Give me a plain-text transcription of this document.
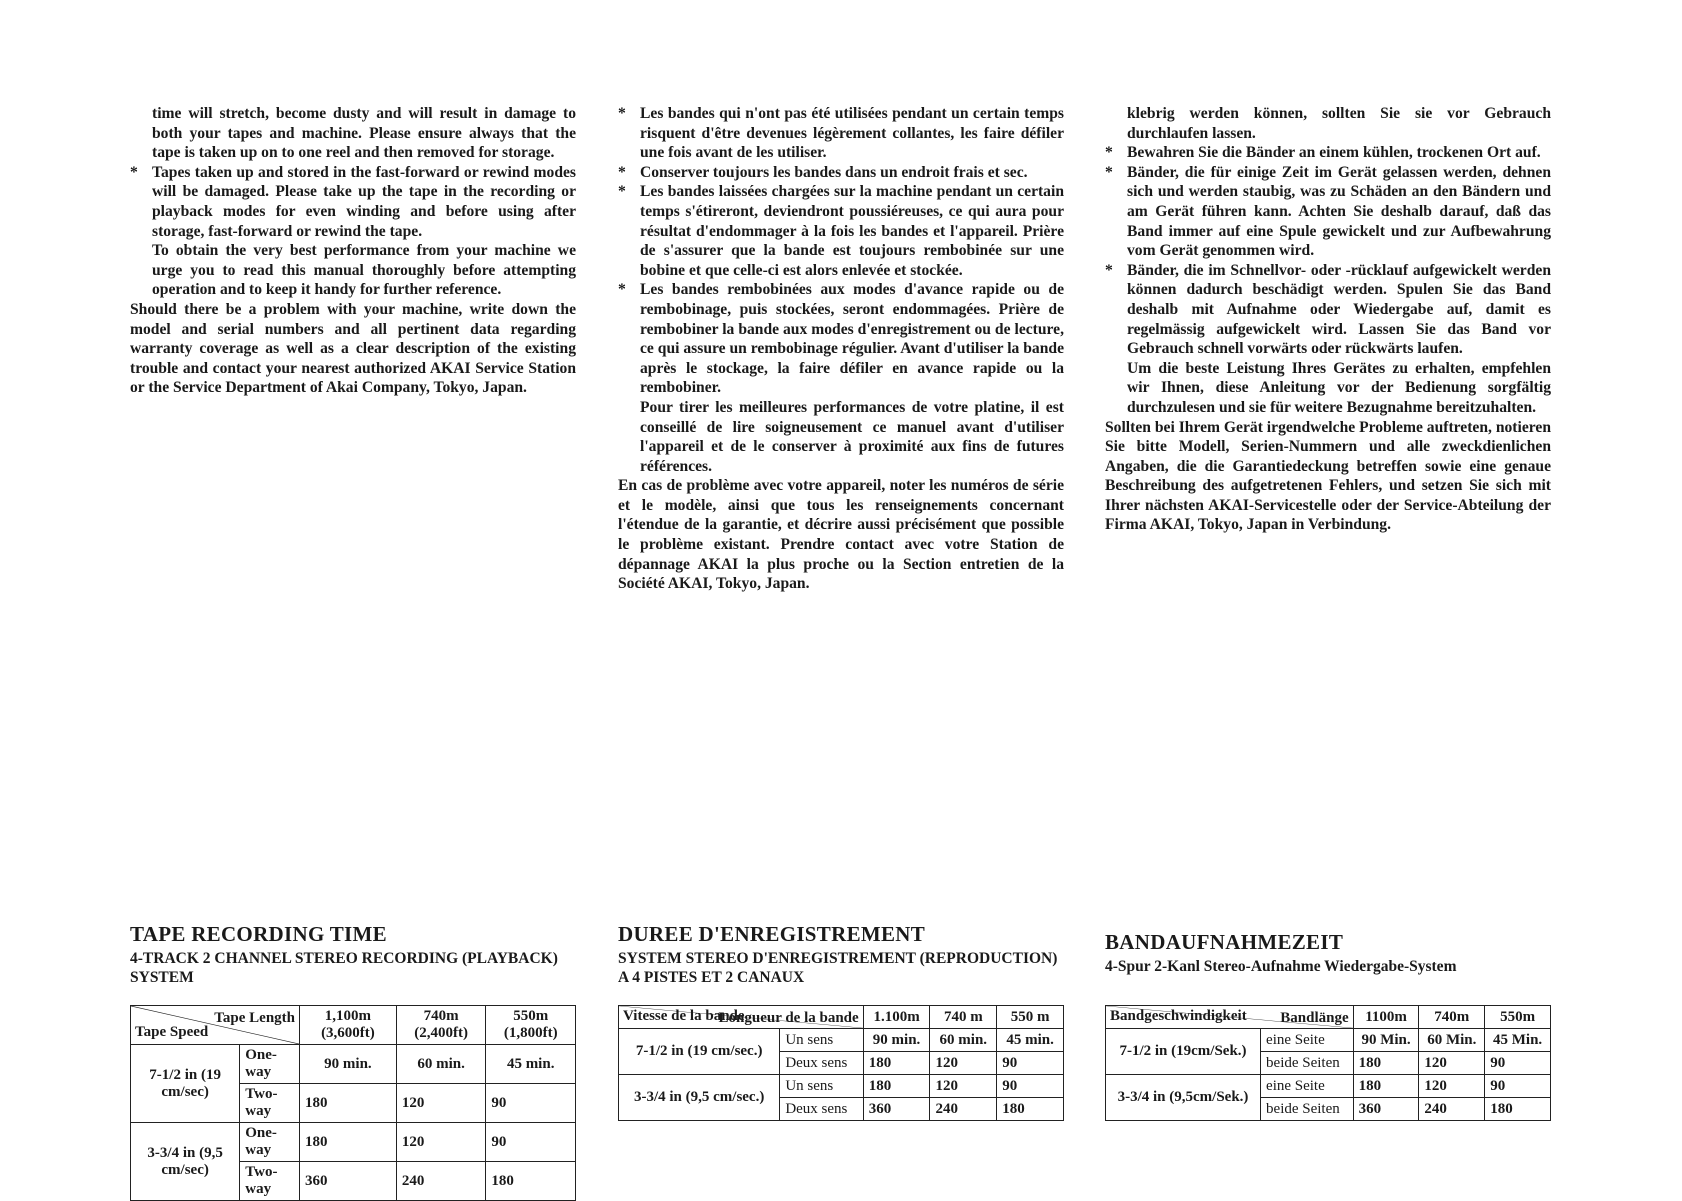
time will stretch, become dusty and will result in damage to both your tapes and machine. Please ensure always that the tape is taken up on to one reel and then removed for storage.

* Tapes taken up and stored in the fast-forward or rewind modes will be damaged. Please take up the tape in the recording or playback modes for even winding and before using after storage, fast-forward or rewind the tape.

To obtain the very best performance from your machine we urge you to read this manual thoroughly before attempting operation and to keep it handy for further reference.

Should there be a problem with your machine, write down the model and serial numbers and all pertinent data regarding warranty coverage as well as a clear description of the existing trouble and contact your nearest authorized AKAI Service Station or the Service Department of Akai Company, Tokyo, Japan.

* Les bandes qui n'ont pas été utilisées pendant un certain temps risquent d'être devenues légèrement collantes, les faire défiler une fois avant de les utiliser.

* Conserver toujours les bandes dans un endroit frais et sec.

* Les bandes laissées chargées sur la machine pendant un certain temps s'étireront, deviendront poussiéreuses, ce qui aura pour résultat d'endommager à la fois les bandes et l'appareil. Prière de s'assurer que la bande est toujours rembobinée sur une bobine et que celle-ci est alors enlevée et stockée.

* Les bandes rembobinées aux modes d'avance rapide ou de rembobinage, puis stockées, seront endommagées. Prière de rembobiner la bande aux modes d'enregistrement ou de lecture, ce qui assure un rembobinage régulier. Avant d'utiliser la bande après le stockage, la faire défiler en avance rapide ou la rembobiner.

Pour tirer les meilleures performances de votre platine, il est conseillé de lire soigneusement ce manuel avant d'utiliser l'appareil et de le conserver à proximité aux fins de futures références.

En cas de problème avec votre appareil, noter les numéros de série et le modèle, ainsi que tous les renseignements concernant l'étendue de la garantie, et décrire aussi précisément que possible le problème existant. Prendre contact avec votre Station de dépannage AKAI la plus proche ou la Section entretien de la Société AKAI, Tokyo, Japan.

klebrig werden können, sollten Sie sie vor Gebrauch durchlaufen lassen.

* Bewahren Sie die Bänder an einem kühlen, trockenen Ort auf.

* Bänder, die für einige Zeit im Gerät gelassen werden, dehnen sich und werden staubig, was zu Schäden an den Bändern und am Gerät führen kann. Achten Sie deshalb darauf, daß das Band immer auf eine Spule gewickelt und zur Aufbewahrung vom Gerät genommen wird.

* Bänder, die im Schnellvor- oder -rücklauf aufgewickelt werden können dadurch beschädigt werden. Spulen Sie das Band deshalb mit Aufnahme oder Wiedergabe auf, damit es regelmässig aufgewickelt wird. Lassen Sie das Band vor Gebrauch schnell vorwärts oder rückwärts laufen.

Um die beste Leistung Ihres Gerätes zu erhalten, empfehlen wir Ihnen, diese Anleitung vor der Bedienung sorgfältig durchzulesen und sie für weitere Bezugnahme bereitzuhalten.

Sollten bei Ihrem Gerät irgendwelche Probleme auftreten, notieren Sie bitte Modell, Serien-Nummern und alle zweckdienlichen Angaben, die die Garantiedeckung betreffen sowie eine genaue Beschreibung des aufgetretenen Fehlers, und setzen Sie sich mit Ihrer nächsten AKAI-Servicestelle oder der Service-Abteilung der Firma AKAI, Tokyo, Japan in Verbindung.

TAPE RECORDING TIME
4-TRACK 2 CHANNEL STEREO RECORDING (PLAYBACK) SYSTEM
DUREE D'ENREGISTREMENT
SYSTEM STEREO D'ENREGISTREMENT (REPRODUCTION) A 4 PISTES ET 2 CANAUX
BANDAUFNAHMEZEIT
4-Spur 2-Kanl Stereo-Aufnahme Wiedergabe-System
Tape Length
Tape Speed		1,100m (3,600ft)	740m (2,400ft)	550m (1,800ft)
7-1/2 in (19 cm/sec)	One-way	90 min.	60 min.	45 min.
	Two-way	180	120	90
3-3/4 in (9,5 cm/sec)	One-way	180	120	90
	Two-way	360	240	180
Longueur de la bande
Vitesse de la bande		1.100m	740 m	550 m
7-1/2 in (19 cm/sec.)	Un sens	90 min.	60 min.	45 min.
	Deux sens	180	120	90
3-3/4 in (9,5 cm/sec.)	Un sens	180	120	90
	Deux sens	360	240	180
Bandlänge
Bandgeschwindigkeit		1100m	740m	550m
7-1/2 in (19cm/Sek.)	eine Seite	90 Min.	60 Min.	45 Min.
	beide Seiten	180	120	90
3-3/4 in (9,5cm/Sek.)	eine Seite	180	120	90
	beide Seiten	360	240	180
